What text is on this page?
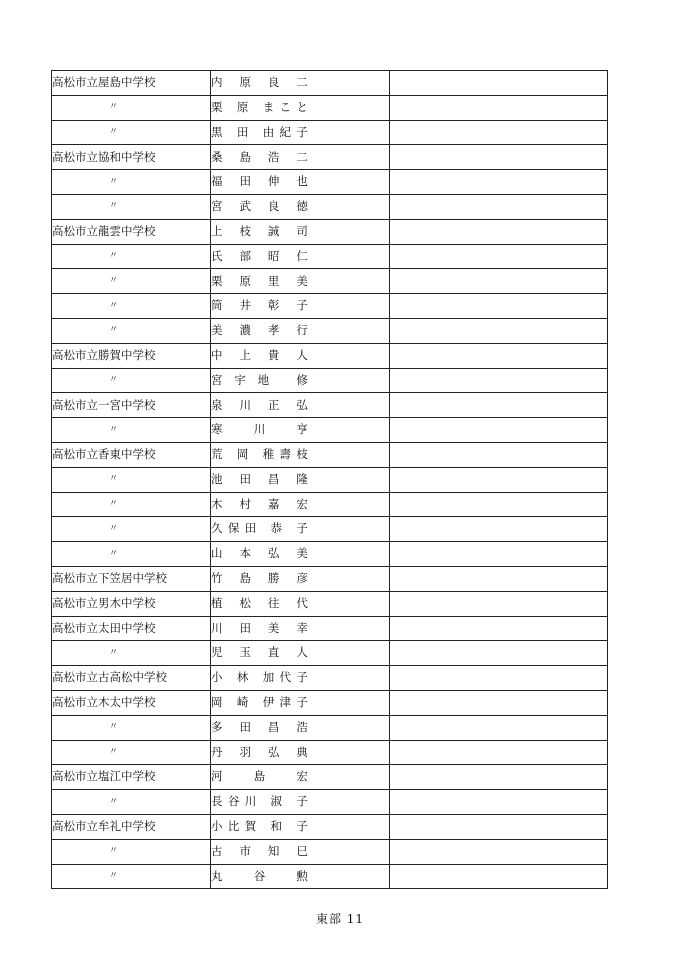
高松市立屋島中学校	内 原 良 二	
〃	栗 原 まこと	
〃	黒 田 由紀子	
高松市立協和中学校	桑 島 浩 二	
〃	福 田 伸 也	
〃	宮 武 良 徳	
高松市立龍雲中学校	上 枝 誠 司	
〃	氏 部 昭 仁	
〃	栗 原 里 美	
〃	筒 井 彰 子	
〃	美 濃 孝 行	
高松市立勝賀中学校	中 上 貴 人	
〃	宮宇地 修	
高松市立一宮中学校	泉 川 正 弘	
〃	寒 川 亨	
高松市立香東中学校	荒 岡 稚壽枝	
〃	池 田 昌 隆	
〃	木 村 嘉 宏	
〃	久保田 恭 子	
〃	山 本 弘 美	
高松市立下笠居中学校	竹 島 勝 彦	
高松市立男木中学校	植 松 往 代	
高松市立太田中学校	川 田 美 幸	
〃	児 玉 直 人	
高松市立古高松中学校	小 林 加代子	
高松市立木太中学校	岡 崎 伊津子	
〃	多 田 昌 浩	
〃	丹 羽 弘 典	
高松市立塩江中学校	河 島 宏	
〃	長谷川 淑 子	
高松市立牟礼中学校	小比賀 和 子	
〃	古 市 知 巳	
〃	丸 谷 勲	
東部 11
